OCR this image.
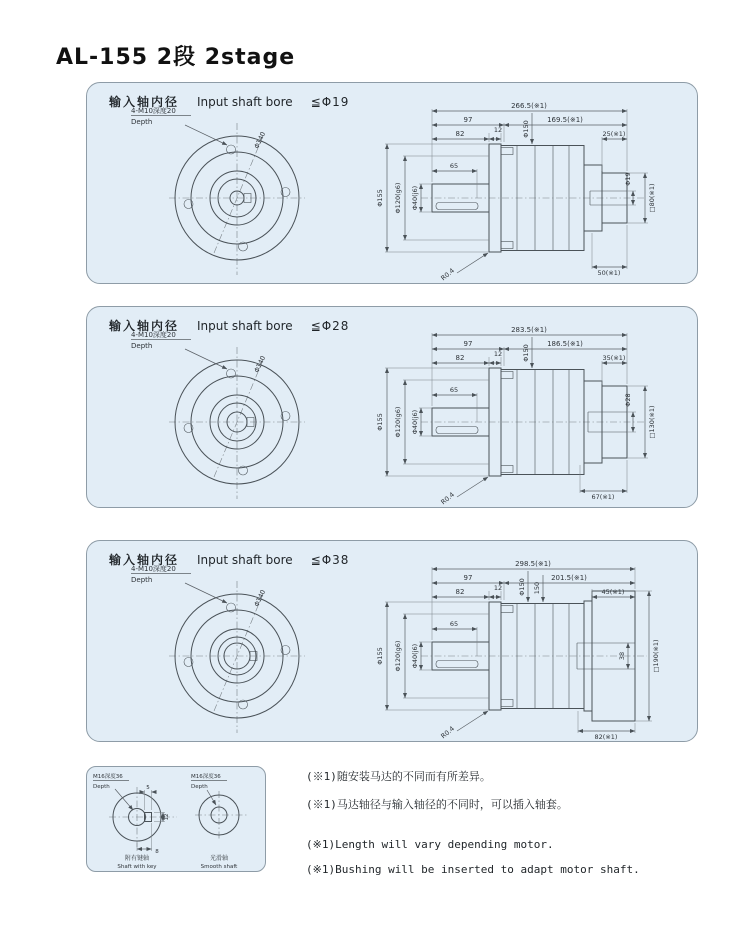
AL-155 2段 2stage
输入轴内径 Input shaft bore ≦Φ19
4-M10深度20
Depth
Φ140
266.5(※1)
97	169.5(※1)
82	12	25(※1)
Φ150
Φ155 Φ120(g6) Φ40(j6)
65
Φ19
□80(※1)
50(※1)
R0.4
输入轴内径 Input shaft bore ≦Φ28
4-M10深度20
Depth
Φ140
283.5(※1)
97	186.5(※1)
82	12	35(※1)
Φ150
Φ155 Φ120(g6) Φ40(j6)
65
Φ28
□130(※1)
67(※1)
R0.4
输入轴内径 Input shaft bore ≦Φ38
4-M10深度20
Depth
Φ140
298.5(※1)
97	201.5(※1)
82	12	45(※1)
Φ150 150
Φ155 Φ120(g6) Φ40(j6)
65
38	□190(※1)
82(※1)
R0.4
M16深度36
Depth	5
12
8
附有键轴
Shaft with key
M16深度36
Depth
光滑轴
Smooth shaft
(※1)随安装马达的不同而有所差异。
(※1)马达轴径与输入轴径的不同时，可以插入轴套。
(※1)Length will vary depending motor.
(※1)Bushing will be inserted to adapt motor shaft.
